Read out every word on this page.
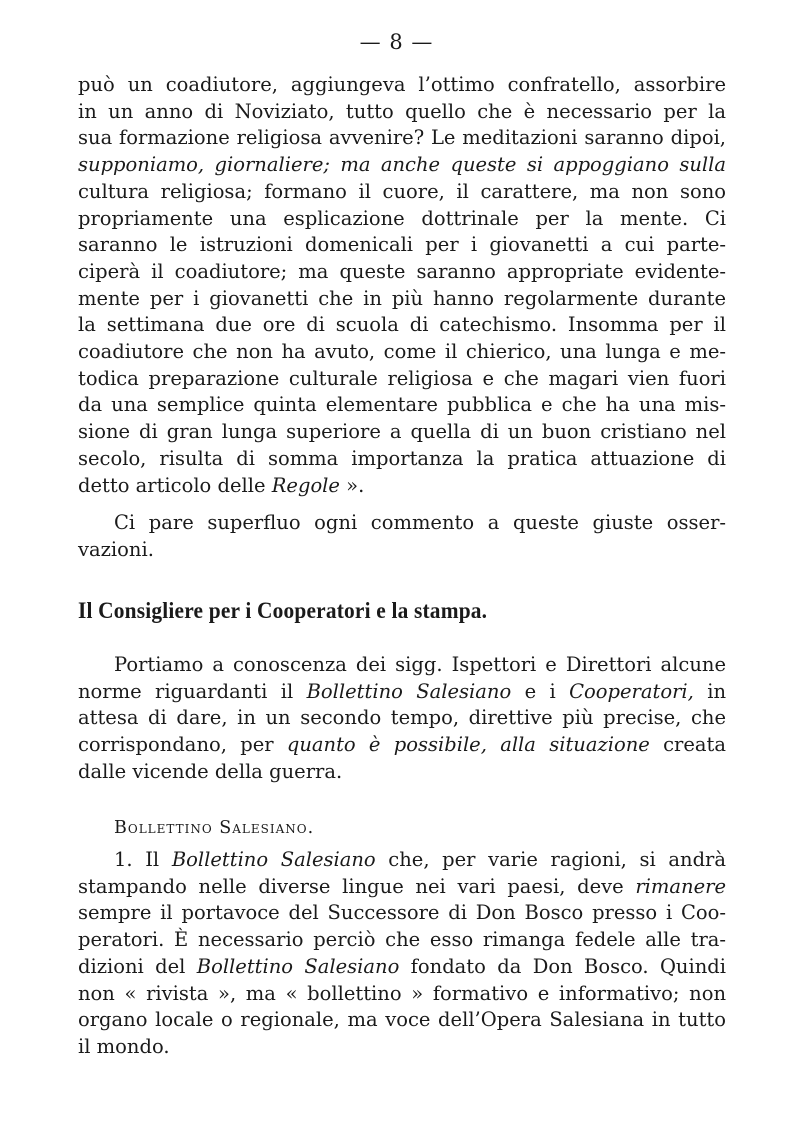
— 8 —
può un coadiutore, aggiungeva l’ottimo confratello, assorbire
in un anno di Noviziato, tutto quello che è necessario per la
sua formazione religiosa avvenire? Le meditazioni saranno dipoi,
supponiamo, giornaliere; ma anche queste si appoggiano sulla
cultura religiosa; formano il cuore, il carattere, ma non sono
propriamente una esplicazione dottrinale per la mente. Ci
saranno le istruzioni domenicali per i giovanetti a cui parte-
ciperà il coadiutore; ma queste saranno appropriate evidente-
mente per i giovanetti che in più hanno regolarmente durante
la settimana due ore di scuola di catechismo. Insomma per il
coadiutore che non ha avuto, come il chierico, una lunga e me-
todica preparazione culturale religiosa e che magari vien fuori
da una semplice quinta elementare pubblica e che ha una mis-
sione di gran lunga superiore a quella di un buon cristiano nel
secolo, risulta di somma importanza la pratica attuazione di
detto articolo delle Regole ».
Ci pare superfluo ogni commento a queste giuste osser-
vazioni.
Il Consigliere per i Cooperatori e la stampa.
Portiamo a conoscenza dei sigg. Ispettori e Direttori alcune
norme riguardanti il Bollettino Salesiano e i Cooperatori, in
attesa di dare, in un secondo tempo, direttive più precise, che
corrispondano, per quanto è possibile, alla situazione creata
dalle vicende della guerra.
Bollettino Salesiano.
1. Il Bollettino Salesiano che, per varie ragioni, si andrà
stampando nelle diverse lingue nei vari paesi, deve rimanere
sempre il portavoce del Successore di Don Bosco presso i Coo-
peratori. È necessario perciò che esso rimanga fedele alle tra-
dizioni del Bollettino Salesiano fondato da Don Bosco. Quindi
non « rivista », ma « bollettino » formativo e informativo; non
organo locale o regionale, ma voce dell’Opera Salesiana in tutto
il mondo.
